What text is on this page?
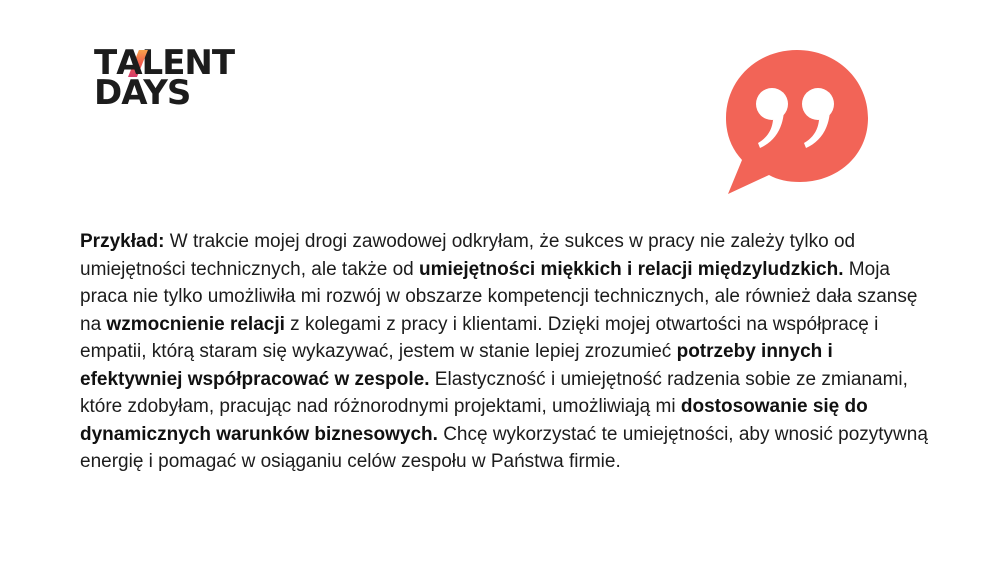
T
ALENT
DAYS
Przykład: W trakcie mojej drogi zawodowej odkryłam, że sukces w pracy nie zależy tylko od umiejętności technicznych, ale także od umiejętności miękkich i relacji międzyludzkich. Moja praca nie tylko umożliwiła mi rozwój w obszarze kompetencji technicznych, ale również dała szansę na wzmocnienie relacji z kolegami z pracy i klientami. Dzięki mojej otwartości na współpracę i empatii, którą staram się wykazywać, jestem w stanie lepiej zrozumieć potrzeby innych i efektywniej współpracować w zespole. Elastyczność i umiejętność radzenia sobie ze zmianami, które zdobyłam, pracując nad różnorodnymi projektami, umożliwiają mi dostosowanie się do dynamicznych warunków biznesowych. Chcę wykorzystać te umiejętności, aby wnosić pozytywną energię i pomagać w osiąganiu celów zespołu w Państwa firmie.
